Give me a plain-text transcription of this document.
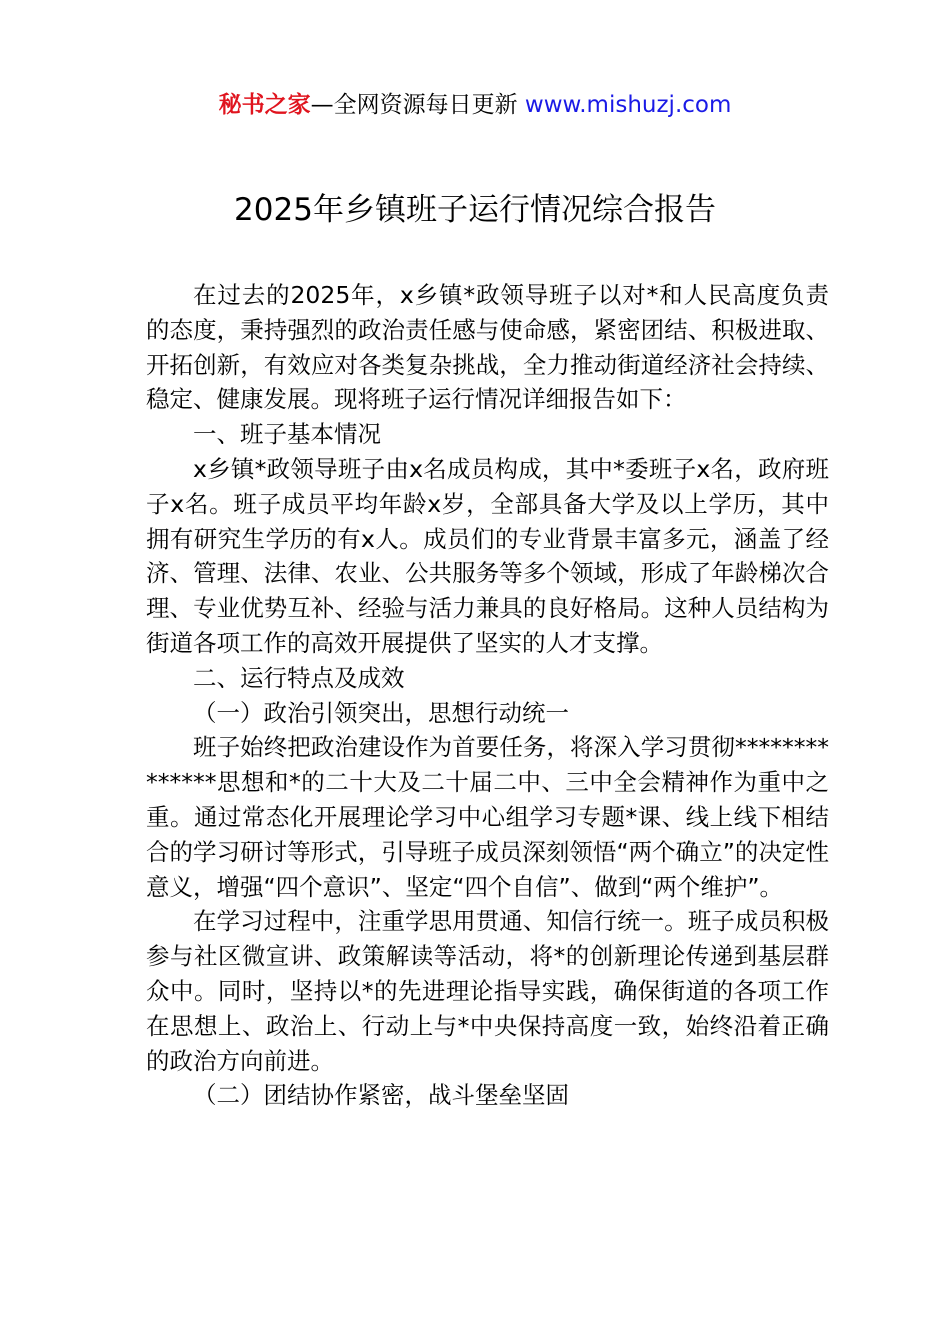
秘书之家—全网资源每日更新 www.mishuzj.com
2025年乡镇班子运行情况综合报告

在过去的2025年，x乡镇*政领导班子以对*和人民高度负责的态度，秉持强烈的政治责任感与使命感，紧密团结、积极进取、开拓创新，有效应对各类复杂挑战，全力推动街道经济社会持续、稳定、健康发展。现将班子运行情况详细报告如下：

一、班子基本情况

x乡镇*政领导班子由x名成员构成，其中*委班子x名，政府班子x名。班子成员平均年龄x岁，全部具备大学及以上学历，其中拥有研究生学历的有x人。成员们的专业背景丰富多元，涵盖了经济、管理、法律、农业、公共服务等多个领域，形成了年龄梯次合理、专业优势互补、经验与活力兼具的良好格局。这种人员结构为街道各项工作的高效开展提供了坚实的人才支撑。

二、运行特点及成效

（一）政治引领突出，思想行动统一

班子始终把政治建设作为首要任务，将深入学习贯彻**************思想和*的二十大及二十届二中、三中全会精神作为重中之重。通过常态化开展理论学习中心组学习专题*课、线上线下相结合的学习研讨等形式，引导班子成员深刻领悟“两个确立”的决定性意义，增强“四个意识”、坚定“四个自信”、做到“两个维护”。

在学习过程中，注重学思用贯通、知信行统一。班子成员积极参与社区微宣讲、政策解读等活动，将*的创新理论传递到基层群众中。同时，坚持以*的先进理论指导实践，确保街道的各项工作在思想上、政治上、行动上与*中央保持高度一致，始终沿着正确的政治方向前进。

（二）团结协作紧密，战斗堡垒坚固
